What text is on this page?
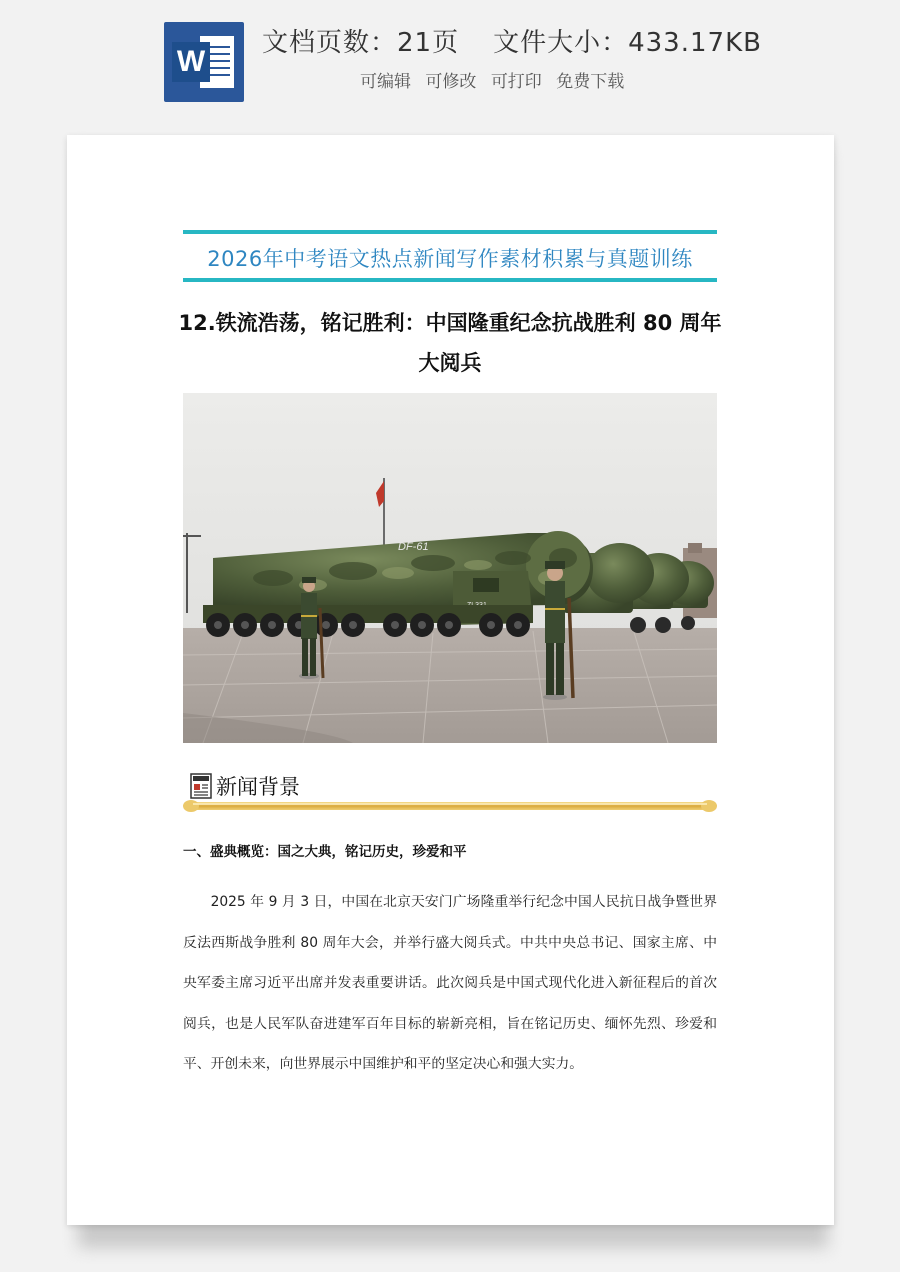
W
文档页数：21页 文件大小：433.17KB
可编辑 可修改 可打印 免费下载
2026年中考语文热点新闻写作素材积累与真题训练
12.铁流浩荡，铭记胜利：中国隆重纪念抗战胜利 80 周年大阅兵
DF-61
新闻背景
一、盛典概览：国之大典，铭记历史，珍爱和平

2025 年 9 月 3 日，中国在北京天安门广场隆重举行纪念中国人民抗日战争暨世界反法西斯战争胜利 80 周年大会，并举行盛大阅兵式。中共中央总书记、国家主席、中央军委主席习近平出席并发表重要讲话。此次阅兵是中国式现代化进入新征程后的首次阅兵，也是人民军队奋进建军百年目标的崭新亮相，旨在铭记历史、缅怀先烈、珍爱和平、开创未来，向世界展示中国维护和平的坚定决心和强大实力。
